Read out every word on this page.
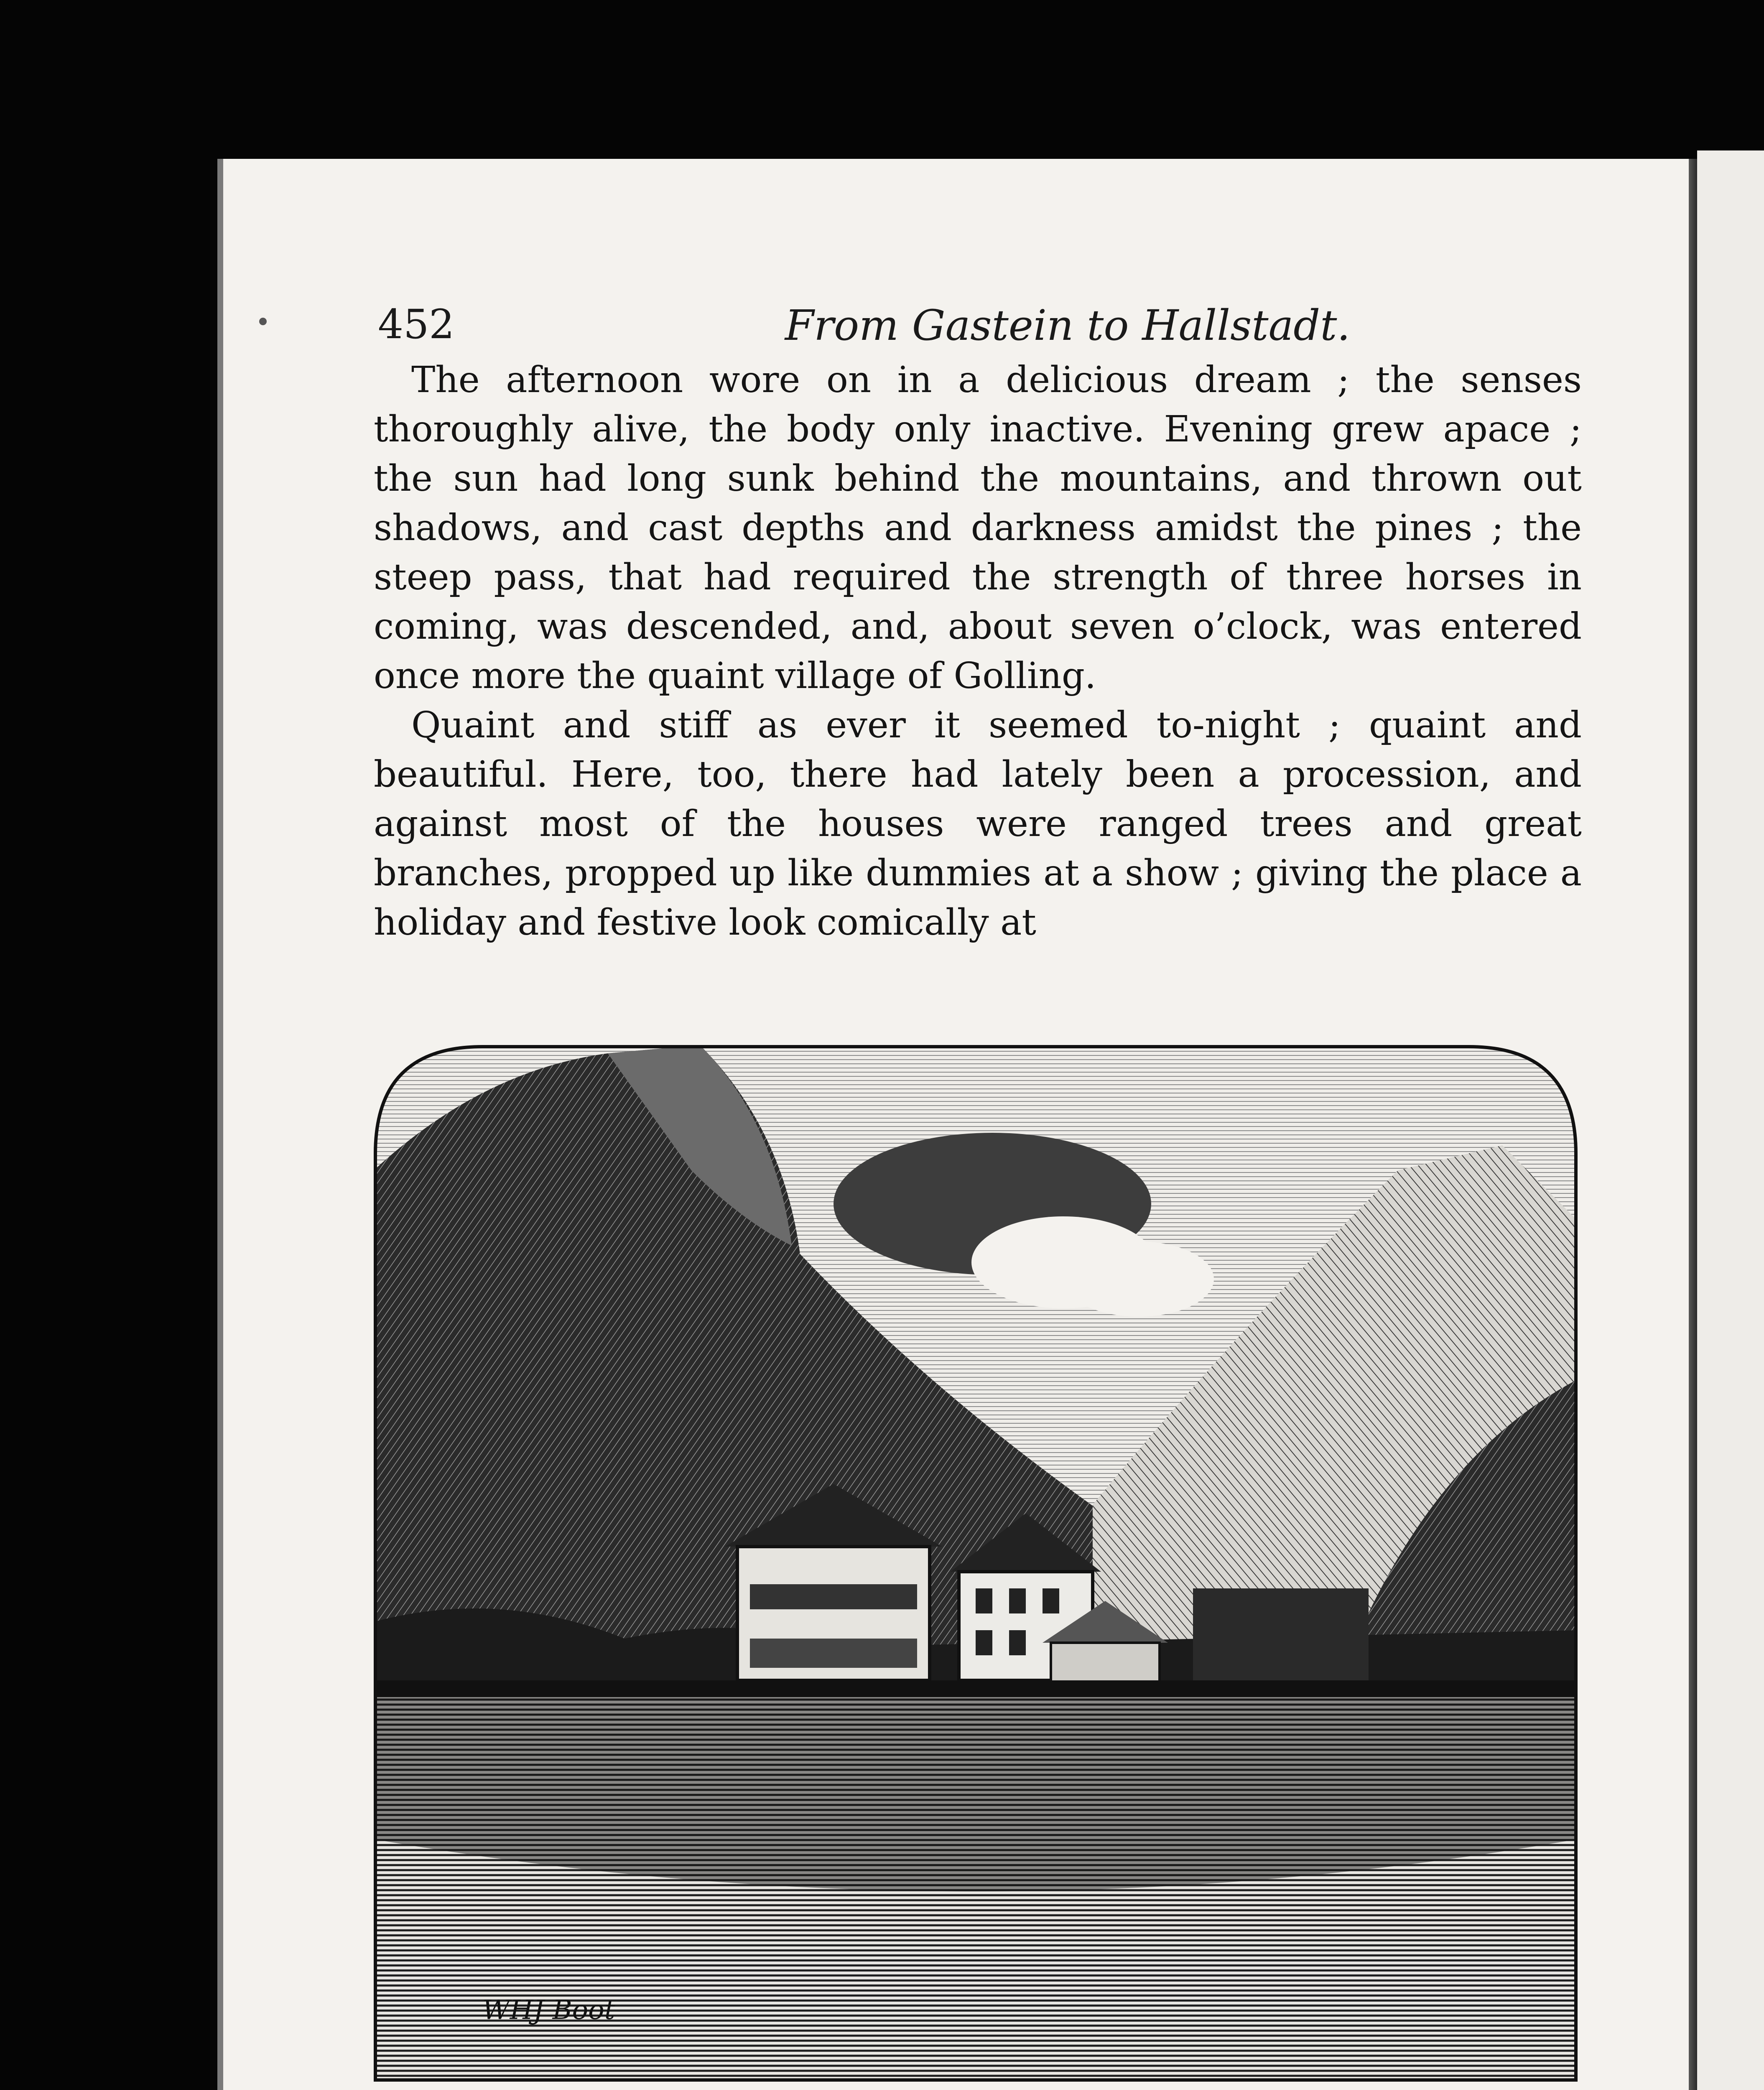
452	From Gastein to Hallstadt.

The afternoon wore on in a delicious dream ; the senses thoroughly alive, the body only inactive. Evening grew apace ; the sun had long sunk behind the mountains, and thrown out shadows, and cast depths and darkness amidst the pines ; the steep pass, that had required the strength of three horses in coming, was descended, and, about seven o’clock, was entered once more the quaint village of Golling.

Quaint and stiff as ever it seemed to-night ; quaint and beautiful. Here, too, there had lately been a procession, and against most of the houses were ranged trees and great branches, propped up like dummies at a show ; giving the place a holiday and festive look comically at

WHJ Boot
